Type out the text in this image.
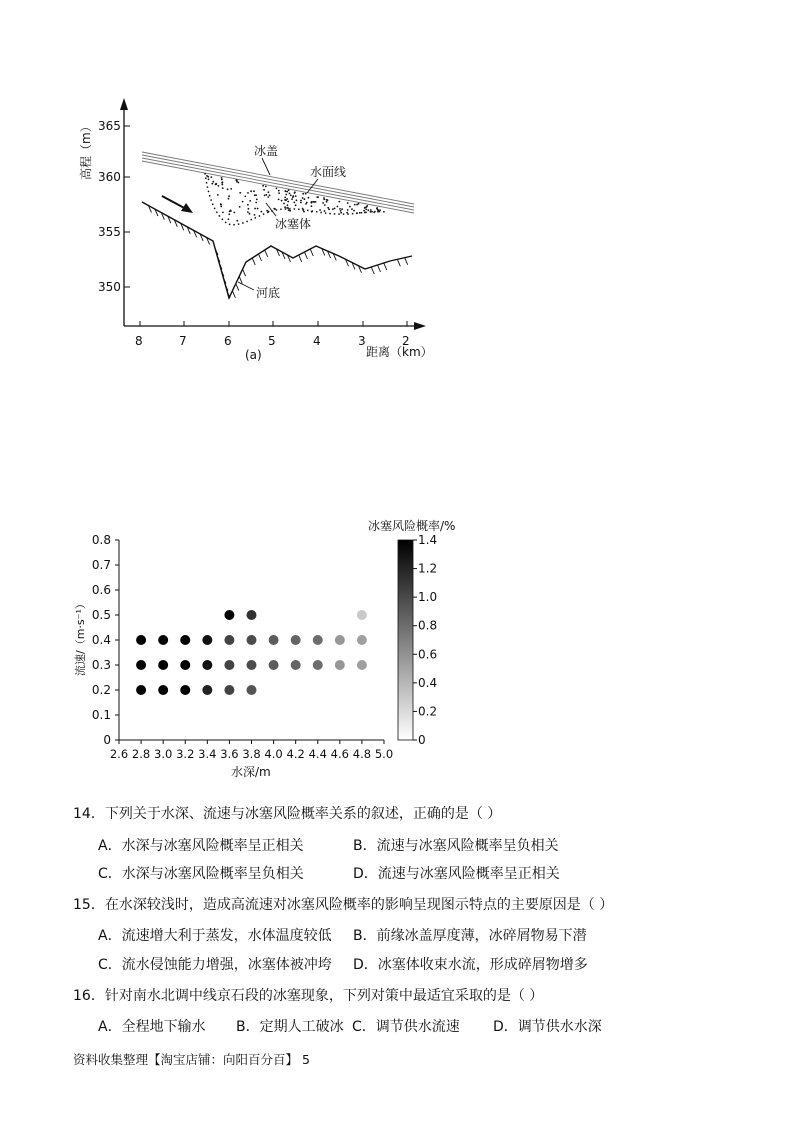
365
360
355
350
高程（m）
8	7	6	5	4	3	2
(a)	距离（km）
冰盖
水面线
冰塞体
河底
冰塞风险概率/%
0
0.1
0.2
0.3
0.4
0.5
0.6
0.7
0.8
2.6 2.8 3.0 3.2 3.4 3.6 3.8 4.0 4.2 4.4 4.6 4.8 5.0
流速/（m·s⁻¹）
水深/m
1.4
1.2
1.0
0.8
0.6
0.4
0.2
0
14．下列关于水深、流速与冰塞风险概率关系的叙述，正确的是（ ）
A．水深与冰塞风险概率呈正相关	B．流速与冰塞风险概率呈负相关
C．水深与冰塞风险概率呈负相关	D．流速与冰塞风险概率呈正相关
15．在水深较浅时，造成高流速对冰塞风险概率的影响呈现图示特点的主要原因是（ ）
A．流速增大利于蒸发，水体温度较低 B．前缘冰盖厚度薄，冰碎屑物易下潜
C．流水侵蚀能力增强，冰塞体被冲垮 D．冰塞体收束水流，形成碎屑物增多
16．针对南水北调中线京石段的冰塞现象，下列对策中最适宜采取的是（ ）
A．全程地下输水 B．定期人工破冰 C．调节供水流速 D．调节供水水深
资料收集整理【淘宝店铺：向阳百分百】 5
